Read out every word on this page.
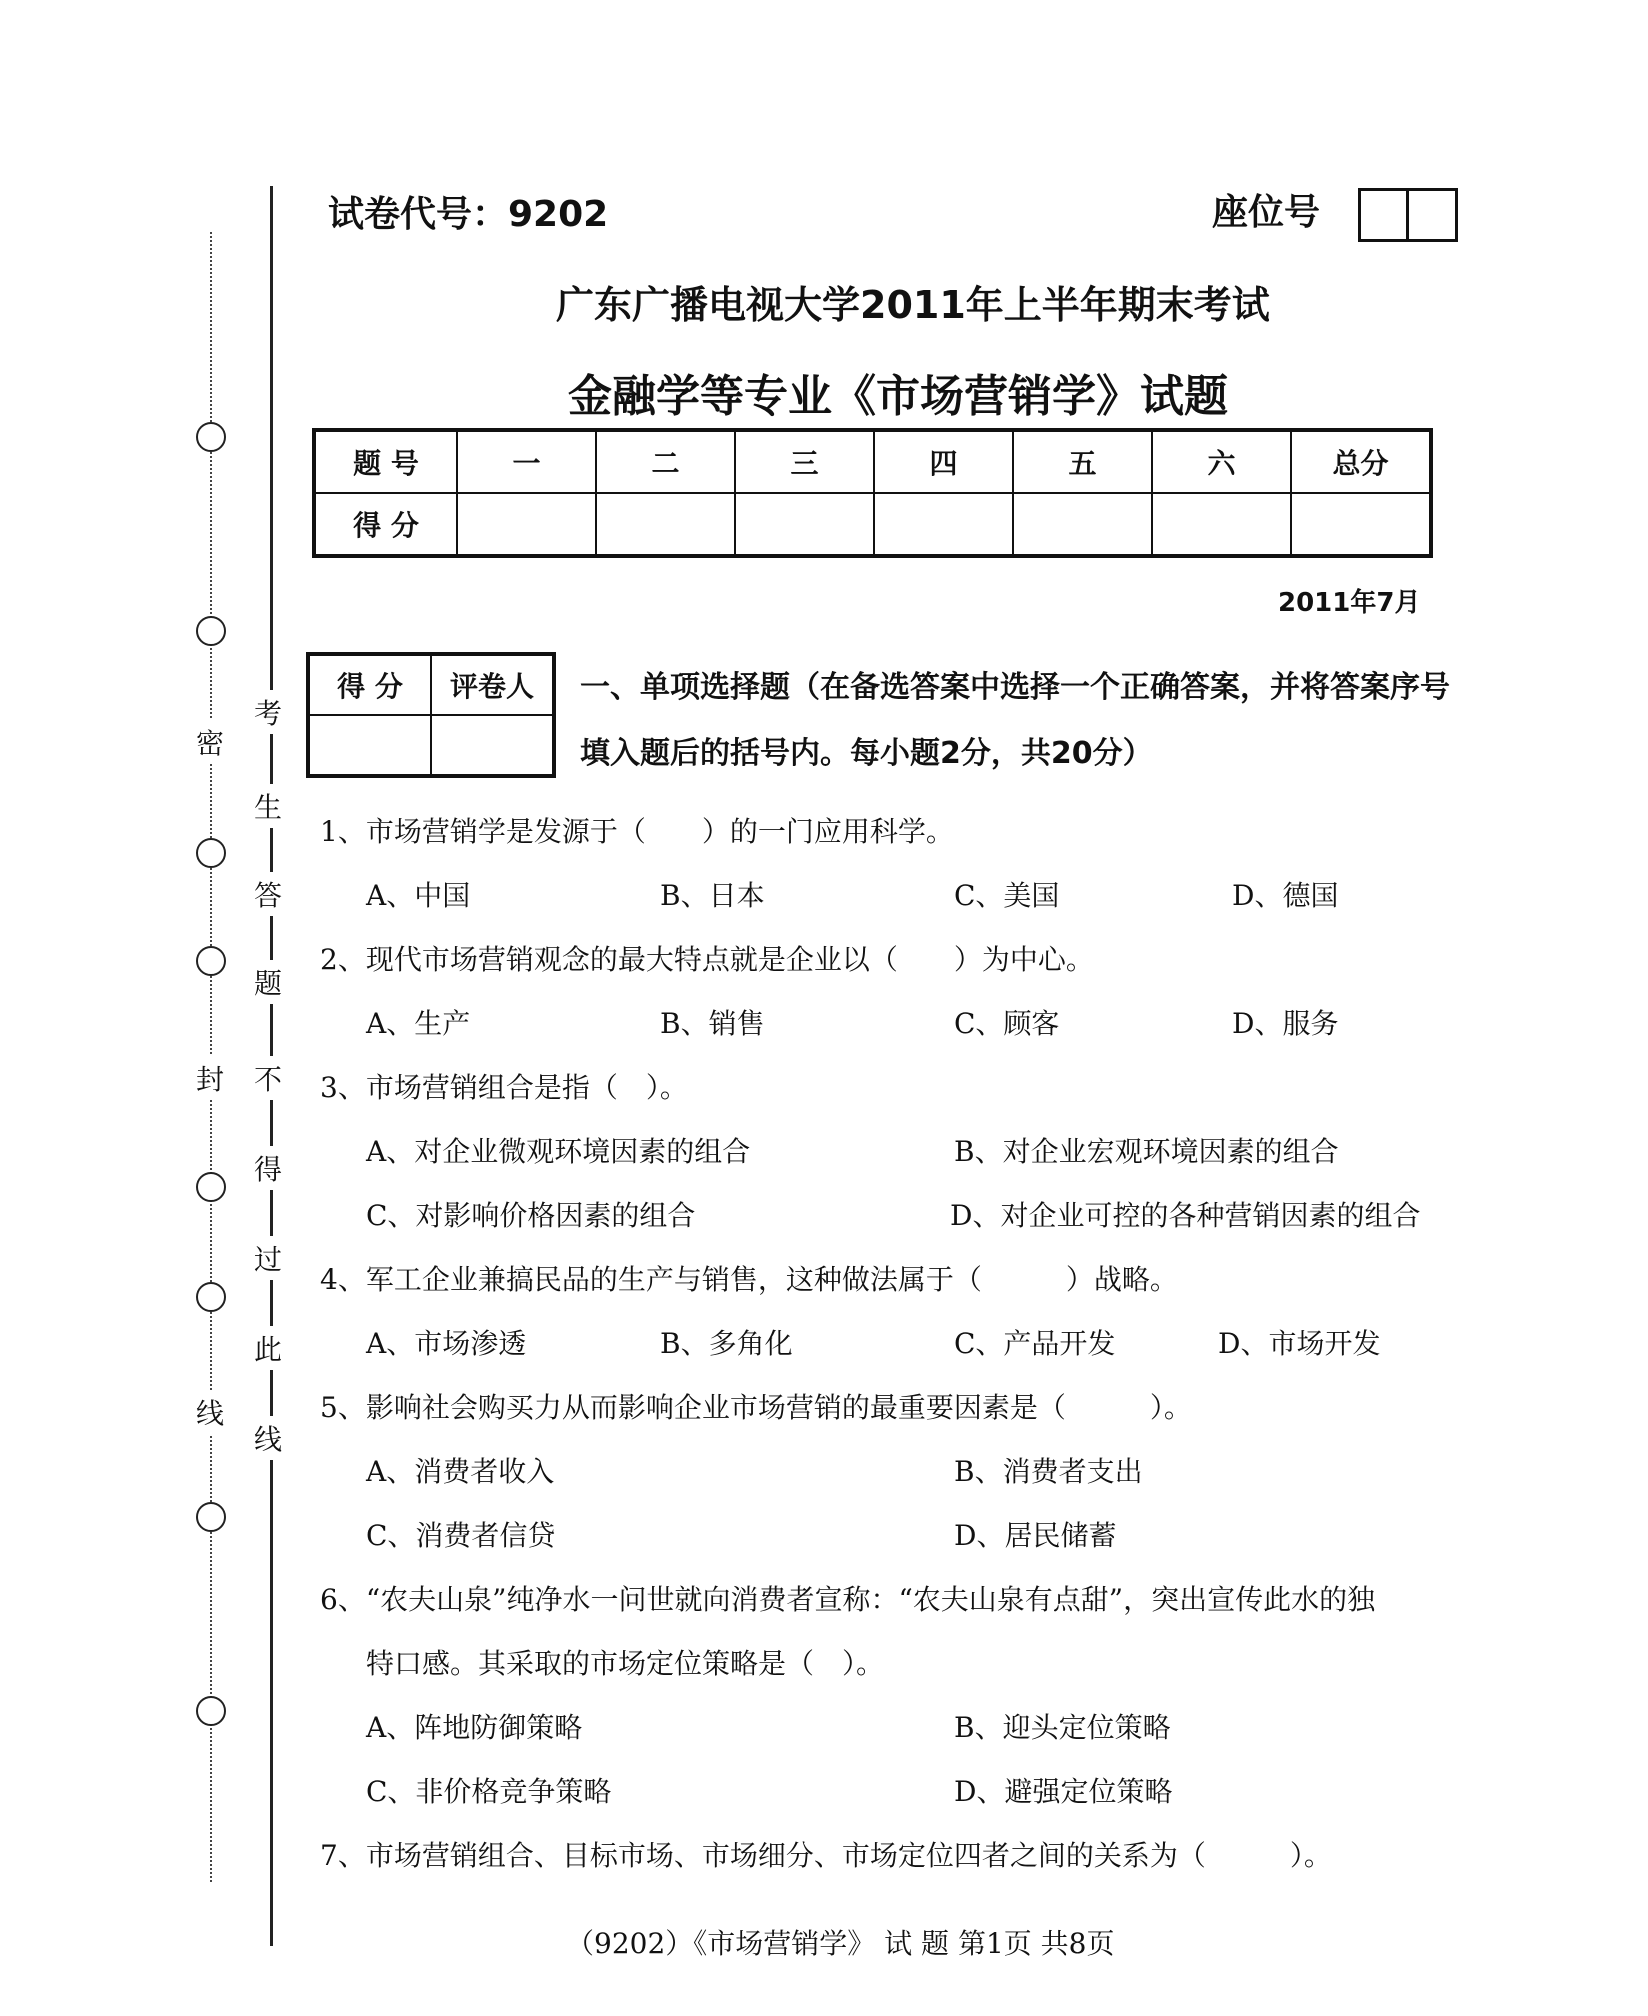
密
封
线
考
生
答
题
不
得
过
此
线
试卷代号：9202	座位号
广东广播电视大学2011年上半年期末考试
金融学等专业《市场营销学》试题
题 号	一	二	三	四	五	六	总分
得 分							
2011年7月
得 分	评卷人
	一、单项选择题（在备选答案中选择一个正确答案，并将答案序号
填入题后的括号内。每小题2分，共20分）
1、市场营销学是发源于（　　）的一门应用科学。
A、中国	B、日本	C、美国	D、德国
2、现代市场营销观念的最大特点就是企业以（　　）为中心。
A、生产	B、销售	C、顾客	D、服务
3、市场营销组合是指（　）。
A、对企业微观环境因素的组合	B、对企业宏观环境因素的组合
C、对影响价格因素的组合	D、对企业可控的各种营销因素的组合
4、军工企业兼搞民品的生产与销售，这种做法属于（　　　）战略。
A、市场渗透	B、多角化	C、产品开发	D、市场开发
5、影响社会购买力从而影响企业市场营销的最重要因素是（　　　）。
A、消费者收入	B、消费者支出
C、消费者信贷	D、居民储蓄
6、“农夫山泉”纯净水一问世就向消费者宣称：“农夫山泉有点甜”，突出宣传此水的独
特口感。其采取的市场定位策略是（　）。
A、阵地防御策略	B、迎头定位策略
C、非价格竞争策略	D、避强定位策略
7、市场营销组合、目标市场、市场细分、市场定位四者之间的关系为（　　　）。
（9202）《市场营销学》 试 题 第1页 共8页
